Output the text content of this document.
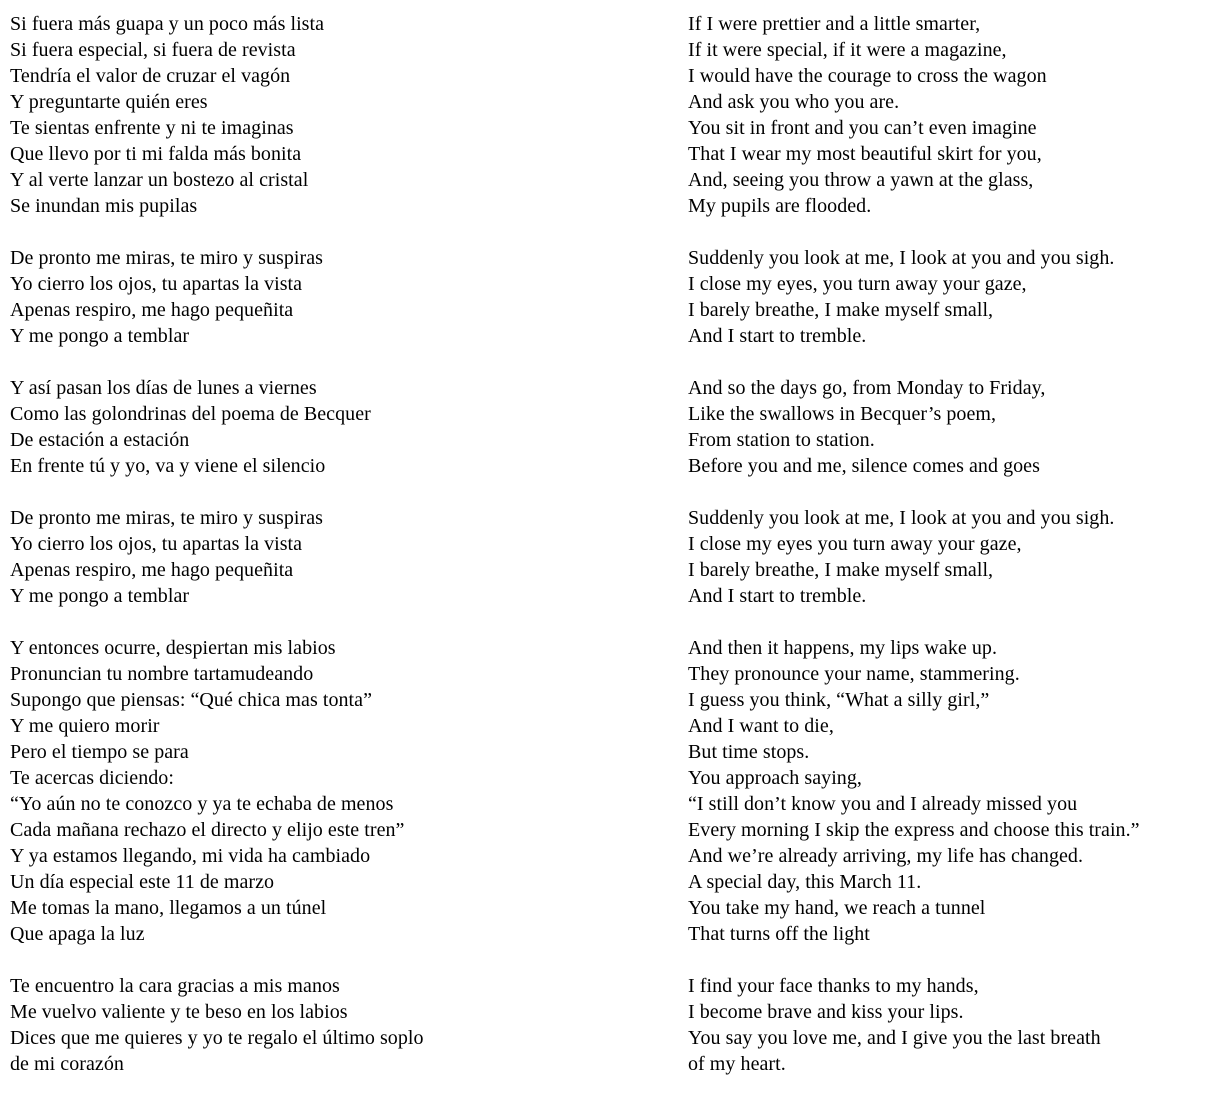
Si fuera más guapa y un poco más lista
Si fuera especial, si fuera de revista
Tendría el valor de cruzar el vagón
Y preguntarte quién eres
Te sientas enfrente y ni te imaginas
Que llevo por ti mi falda más bonita
Y al verte lanzar un bostezo al cristal
Se inundan mis pupilas
De pronto me miras, te miro y suspiras
Yo cierro los ojos, tu apartas la vista
Apenas respiro, me hago pequeñita
Y me pongo a temblar
Y así pasan los días de lunes a viernes
Como las golondrinas del poema de Becquer
De estación a estación
En frente tú y yo, va y viene el silencio
De pronto me miras, te miro y suspiras
Yo cierro los ojos, tu apartas la vista
Apenas respiro, me hago pequeñita
Y me pongo a temblar
Y entonces ocurre, despiertan mis labios
Pronuncian tu nombre tartamudeando
Supongo que piensas: “Qué chica mas tonta”
Y me quiero morir
Pero el tiempo se para
Te acercas diciendo:
“Yo aún no te conozco y ya te echaba de menos
Cada mañana rechazo el directo y elijo este tren”
Y ya estamos llegando, mi vida ha cambiado
Un día especial este 11 de marzo
Me tomas la mano, llegamos a un túnel
Que apaga la luz
Te encuentro la cara gracias a mis manos
Me vuelvo valiente y te beso en los labios
Dices que me quieres y yo te regalo el último soplo
de mi corazón
If I were prettier and a little smarter,
If it were special, if it were a magazine,
I would have the courage to cross the wagon
And ask you who you are.
You sit in front and you can’t even imagine
That I wear my most beautiful skirt for you,
And, seeing you throw a yawn at the glass,
My pupils are flooded.
Suddenly you look at me, I look at you and you sigh.
I close my eyes, you turn away your gaze,
I barely breathe, I make myself small,
And I start to tremble.
And so the days go, from Monday to Friday,
Like the swallows in Becquer’s poem,
From station to station.
Before you and me, silence comes and goes
Suddenly you look at me, I look at you and you sigh.
I close my eyes you turn away your gaze,
I barely breathe, I make myself small,
And I start to tremble.
And then it happens, my lips wake up.
They pronounce your name, stammering.
I guess you think, “What a silly girl,”
And I want to die,
But time stops.
You approach saying,
“I still don’t know you and I already missed you
Every morning I skip the express and choose this train.”
And we’re already arriving, my life has changed.
A special day, this March 11.
You take my hand, we reach a tunnel
That turns off the light
I find your face thanks to my hands,
I become brave and kiss your lips.
You say you love me, and I give you the last breath
of my heart.
